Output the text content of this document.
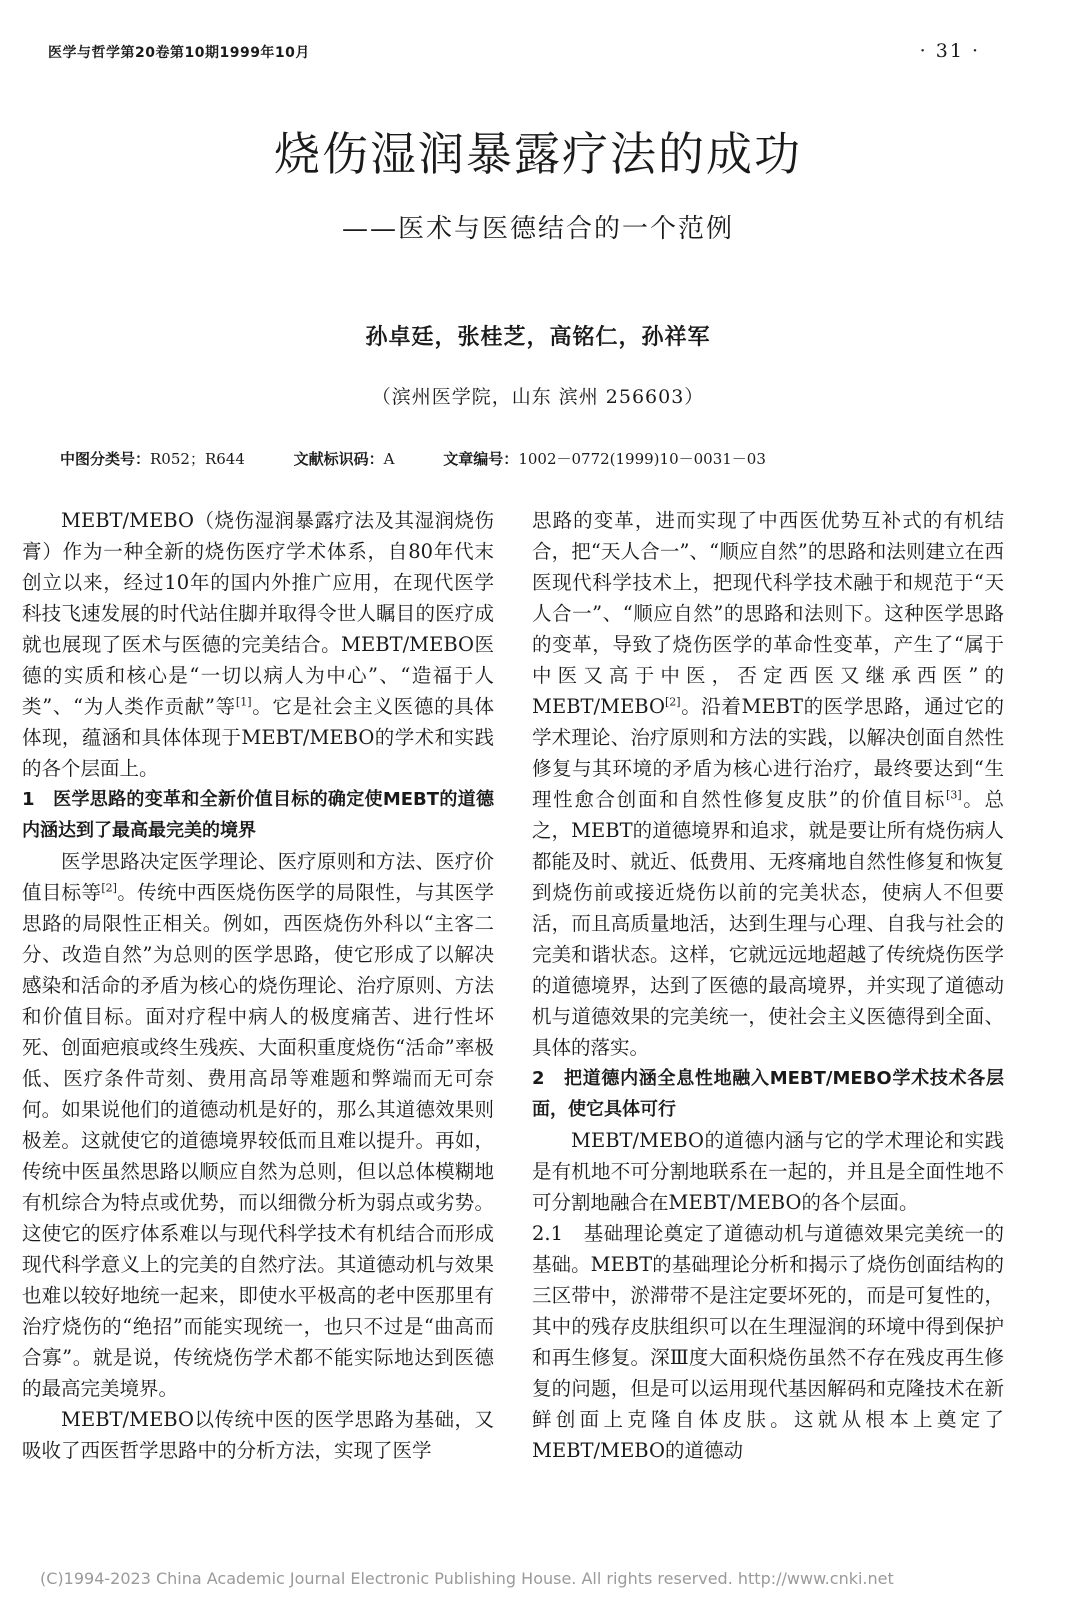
医学与哲学第20卷第10期1999年10月	· 31 ·
烧伤湿润暴露疗法的成功
——医术与医德结合的一个范例
孙卓廷，张桂芝，高铭仁，孙祥军
（滨州医学院，山东 滨州 256603）
中图分类号：R052；R644	文献标识码：A	文章编号：1002－0772(1999)10－0031－03

MEBT/MEBO（烧伤湿润暴露疗法及其湿润烧伤膏）作为一种全新的烧伤医疗学术体系，自80年代末创立以来，经过10年的国内外推广应用，在现代医学科技飞速发展的时代站住脚并取得令世人瞩目的医疗成就也展现了医术与医德的完美结合。MEBT/MEBO医德的实质和核心是“一切以病人为中心”、“造福于人类”、“为人类作贡献”等[1]。它是社会主义医德的具体体现，蕴涵和具体体现于MEBT/MEBO的学术和实践的各个层面上。

1　医学思路的变革和全新价值目标的确定使MEBT的道德内涵达到了最高最完美的境界

医学思路决定医学理论、医疗原则和方法、医疗价值目标等[2]。传统中西医烧伤医学的局限性，与其医学思路的局限性正相关。例如，西医烧伤外科以“主客二分、改造自然”为总则的医学思路，使它形成了以解决感染和活命的矛盾为核心的烧伤理论、治疗原则、方法和价值目标。面对疗程中病人的极度痛苦、进行性坏死、创面疤痕或终生残疾、大面积重度烧伤“活命”率极低、医疗条件苛刻、费用高昂等难题和弊端而无可奈何。如果说他们的道德动机是好的，那么其道德效果则极差。这就使它的道德境界较低而且难以提升。再如，传统中医虽然思路以顺应自然为总则，但以总体模糊地有机综合为特点或优势，而以细微分析为弱点或劣势。这使它的医疗体系难以与现代科学技术有机结合而形成现代科学意义上的完美的自然疗法。其道德动机与效果也难以较好地统一起来，即使水平极高的老中医那里有治疗烧伤的“绝招”而能实现统一，也只不过是“曲高而合寡”。就是说，传统烧伤学术都不能实际地达到医德的最高完美境界。

MEBT/MEBO以传统中医的医学思路为基础，又吸收了西医哲学思路中的分析方法，实现了医学

思路的变革，进而实现了中西医优势互补式的有机结合，把“天人合一”、“顺应自然”的思路和法则建立在西医现代科学技术上，把现代科学技术融于和规范于“天人合一”、“顺应自然”的思路和法则下。这种医学思路的变革，导致了烧伤医学的革命性变革，产生了“属于中医又高于中医，否定西医又继承西医”的MEBT/MEBO[2]。沿着MEBT的医学思路，通过它的学术理论、治疗原则和方法的实践，以解决创面自然性修复与其环境的矛盾为核心进行治疗，最终要达到“生理性愈合创面和自然性修复皮肤”的价值目标[3]。总之，MEBT的道德境界和追求，就是要让所有烧伤病人都能及时、就近、低费用、无疼痛地自然性修复和恢复到烧伤前或接近烧伤以前的完美状态，使病人不但要活，而且高质量地活，达到生理与心理、自我与社会的完美和谐状态。这样，它就远远地超越了传统烧伤医学的道德境界，达到了医德的最高境界，并实现了道德动机与道德效果的完美统一，使社会主义医德得到全面、具体的落实。

2　把道德内涵全息性地融入MEBT/MEBO学术技术各层面，使它具体可行

MEBT/MEBO的道德内涵与它的学术理论和实践是有机地不可分割地联系在一起的，并且是全面性地不可分割地融合在MEBT/MEBO的各个层面。

2.1　基础理论奠定了道德动机与道德效果完美统一的基础。MEBT的基础理论分析和揭示了烧伤创面结构的三区带中，淤滞带不是注定要坏死的，而是可复性的，其中的残存皮肤组织可以在生理湿润的环境中得到保护和再生修复。深Ⅲ度大面积烧伤虽然不存在残皮再生修复的问题，但是可以运用现代基因解码和克隆技术在新鲜创面上克隆自体皮肤。这就从根本上奠定了MEBT/MEBO的道德动

(C)1994-2023 China Academic Journal Electronic Publishing House. All rights reserved. http://www.cnki.net
